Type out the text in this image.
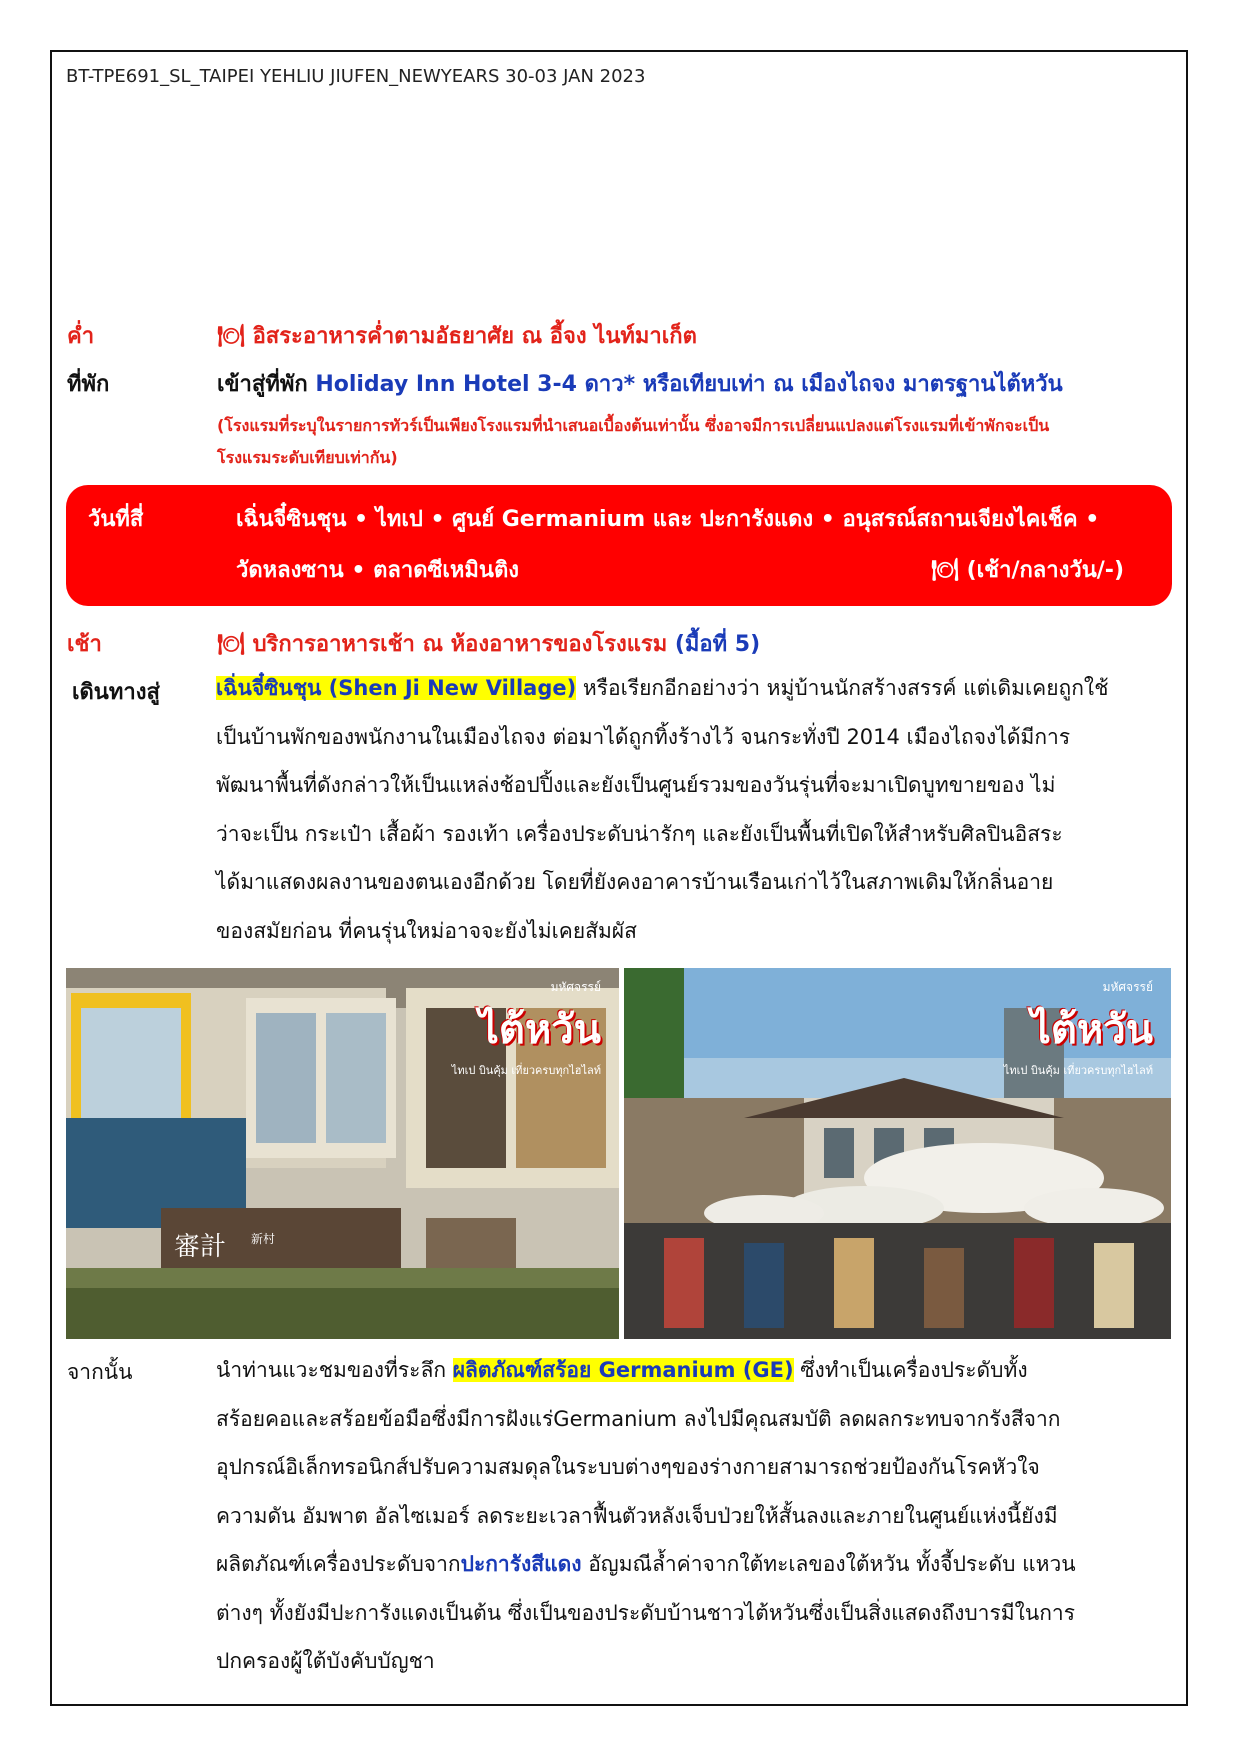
BT-TPE691_SL_TAIPEI YEHLIU JIUFEN_NEWYEARS 30-03 JAN 2023
ค่ำ	🍽 อิสระอาหารค่ำตามอัธยาศัย ณ อี้จง ไนท์มาเก็ต
ที่พัก	เข้าสู่ที่พัก Holiday Inn Hotel 3-4 ดาว* หรือเทียบเท่า ณ เมืองไถจง มาตรฐานไต้หวัน
(โรงแรมที่ระบุในรายการทัวร์เป็นเพียงโรงแรมที่นำเสนอเบื้องต้นเท่านั้น ซึ่งอาจมีการเปลี่ยนแปลงแต่โรงแรมที่เข้าพักจะเป็น
โรงแรมระดับเทียบเท่ากัน)
วันที่สี่	เฉิ่นจี๋ซินชุน • ไทเป • ศูนย์ Germanium และ ปะการังแดง • อนุสรณ์สถานเจียงไคเช็ค •
วัดหลงซาน • ตลาดซีเหมินติง	🍽 (เช้า/กลางวัน/-)
เช้า	🍽 บริการอาหารเช้า ณ ห้องอาหารของโรงแรม (มื้อที่ 5)
เดินทางสู่	เฉิ่นจี๋ซินชุน (Shen Ji New Village) หรือเรียกอีกอย่างว่า หมู่บ้านนักสร้างสรรค์ แต่เดิมเคยถูกใช้
เป็นบ้านพักของพนักงานในเมืองไถจง ต่อมาได้ถูกทิ้งร้างไว้ จนกระทั่งปี 2014 เมืองไถจงได้มีการ
พัฒนาพื้นที่ดังกล่าวให้เป็นแหล่งช้อปปิ้งและยังเป็นศูนย์รวมของวันรุ่นที่จะมาเปิดบูทขายของ ไม่
ว่าจะเป็น กระเป๋า เสื้อผ้า รองเท้า เครื่องประดับน่ารักๆ และยังเป็นพื้นที่เปิดให้สำหรับศิลปินอิสระ
ได้มาแสดงผลงานของตนเองอีกด้วย โดยที่ยังคงอาคารบ้านเรือนเก่าไว้ในสภาพเดิมให้กลิ่นอาย
ของสมัยก่อน ที่คนรุ่นใหม่อาจจะยังไม่เคยสัมผัส
審計 新村
มหัศจรรย์
ไต้หวัน
ไทเป บินคุ้ม เที่ยวครบทุกไฮไลท์
มหัศจรรย์
ไต้หวัน
ไทเป บินคุ้ม เที่ยวครบทุกไฮไลท์
จากนั้น	นำท่านแวะชมของที่ระลึก ผลิตภัณฑ์สร้อย Germanium (GE) ซึ่งทำเป็นเครื่องประดับทั้ง
สร้อยคอและสร้อยข้อมือซึ่งมีการฝังแร่Germanium ลงไปมีคุณสมบัติ ลดผลกระทบจากรังสีจาก
อุปกรณ์อิเล็กทรอนิกส์ปรับความสมดุลในระบบต่างๆของร่างกายสามารถช่วยป้องกันโรคหัวใจ
ความดัน อัมพาต อัลไซเมอร์ ลดระยะเวลาฟื้นตัวหลังเจ็บป่วยให้สั้นลงและภายในศูนย์แห่งนี้ยังมี
ผลิตภัณฑ์เครื่องประดับจากปะการังสีแดง อัญมณีล้ำค่าจากใต้ทะเลของใต้หวัน ทั้งจี้ประดับ แหวน
ต่างๆ ทั้งยังมีปะการังแดงเป็นต้น ซึ่งเป็นของประดับบ้านชาวไต้หวันซึ่งเป็นสิ่งแสดงถึงบารมีในการ
ปกครองผู้ใต้บังคับบัญชา
